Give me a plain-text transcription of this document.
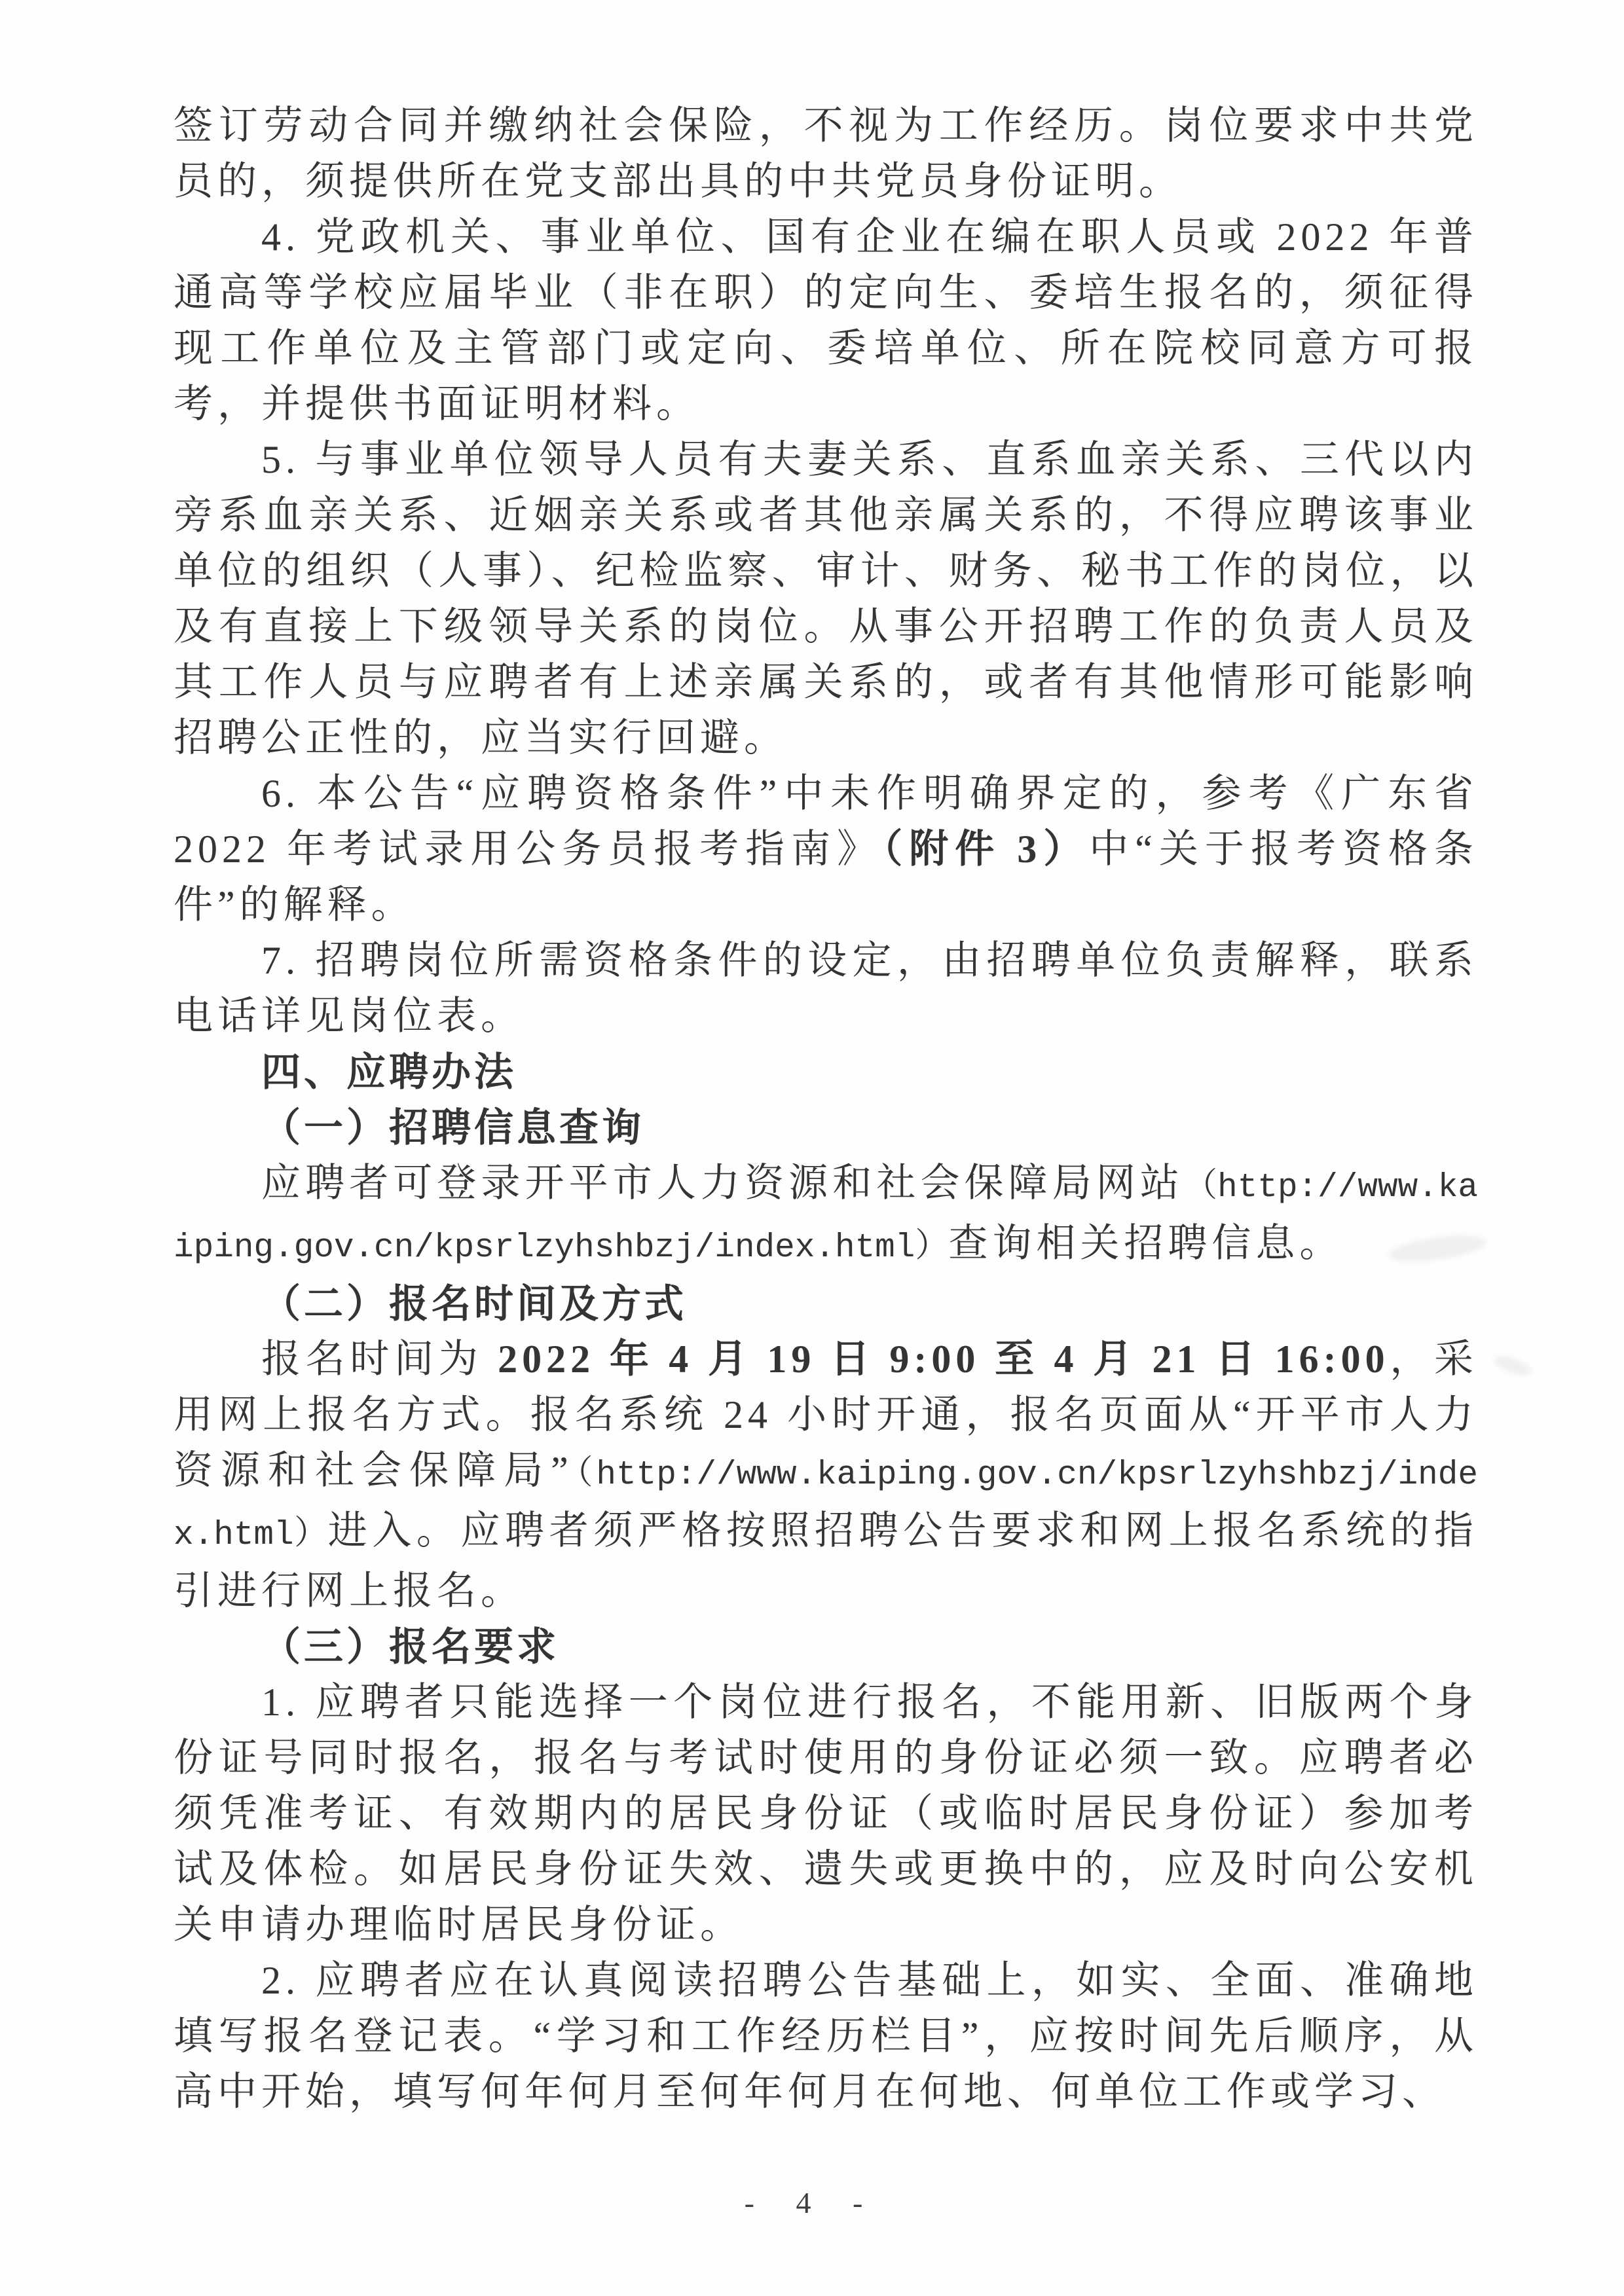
签订劳动合同并缴纳社会保险，不视为工作经历。岗位要求中共党员的，须提供所在党支部出具的中共党员身份证明。

4. 党政机关、事业单位、国有企业在编在职人员或 2022 年普通高等学校应届毕业（非在职）的定向生、委培生报名的，须征得现工作单位及主管部门或定向、委培单位、所在院校同意方可报考，并提供书面证明材料。

5. 与事业单位领导人员有夫妻关系、直系血亲关系、三代以内旁系血亲关系、近姻亲关系或者其他亲属关系的，不得应聘该事业单位的组织（人事）、纪检监察、审计、财务、秘书工作的岗位，以及有直接上下级领导关系的岗位。从事公开招聘工作的负责人员及其工作人员与应聘者有上述亲属关系的，或者有其他情形可能影响招聘公正性的，应当实行回避。

6. 本公告“应聘资格条件”中未作明确界定的，参考《广东省 2022 年考试录用公务员报考指南》（附件 3）中“关于报考资格条件”的解释。

7. 招聘岗位所需资格条件的设定，由招聘单位负责解释，联系电话详见岗位表。

四、应聘办法

（一）招聘信息查询

应聘者可登录开平市人力资源和社会保障局网站（http://www.kaiping.gov.cn/kpsrlzyhshbzj/index.html）查询相关招聘信息。

（二）报名时间及方式

报名时间为 2022 年 4 月 19 日 9:00 至 4 月 21 日 16:00，采用网上报名方式。报名系统 24 小时开通，报名页面从“开平市人力资源和社会保障局”（http://www.kaiping.gov.cn/kpsrlzyhshbzj/index.html）进入。应聘者须严格按照招聘公告要求和网上报名系统的指引进行网上报名。

（三）报名要求

1. 应聘者只能选择一个岗位进行报名，不能用新、旧版两个身份证号同时报名，报名与考试时使用的身份证必须一致。应聘者必须凭准考证、有效期内的居民身份证（或临时居民身份证）参加考试及体检。如居民身份证失效、遗失或更换中的，应及时向公安机关申请办理临时居民身份证。

2. 应聘者应在认真阅读招聘公告基础上，如实、全面、准确地填写报名登记表。“学习和工作经历栏目”，应按时间先后顺序，从高中开始，填写何年何月至何年何月在何地、何单位工作或学习、

- 4 -
